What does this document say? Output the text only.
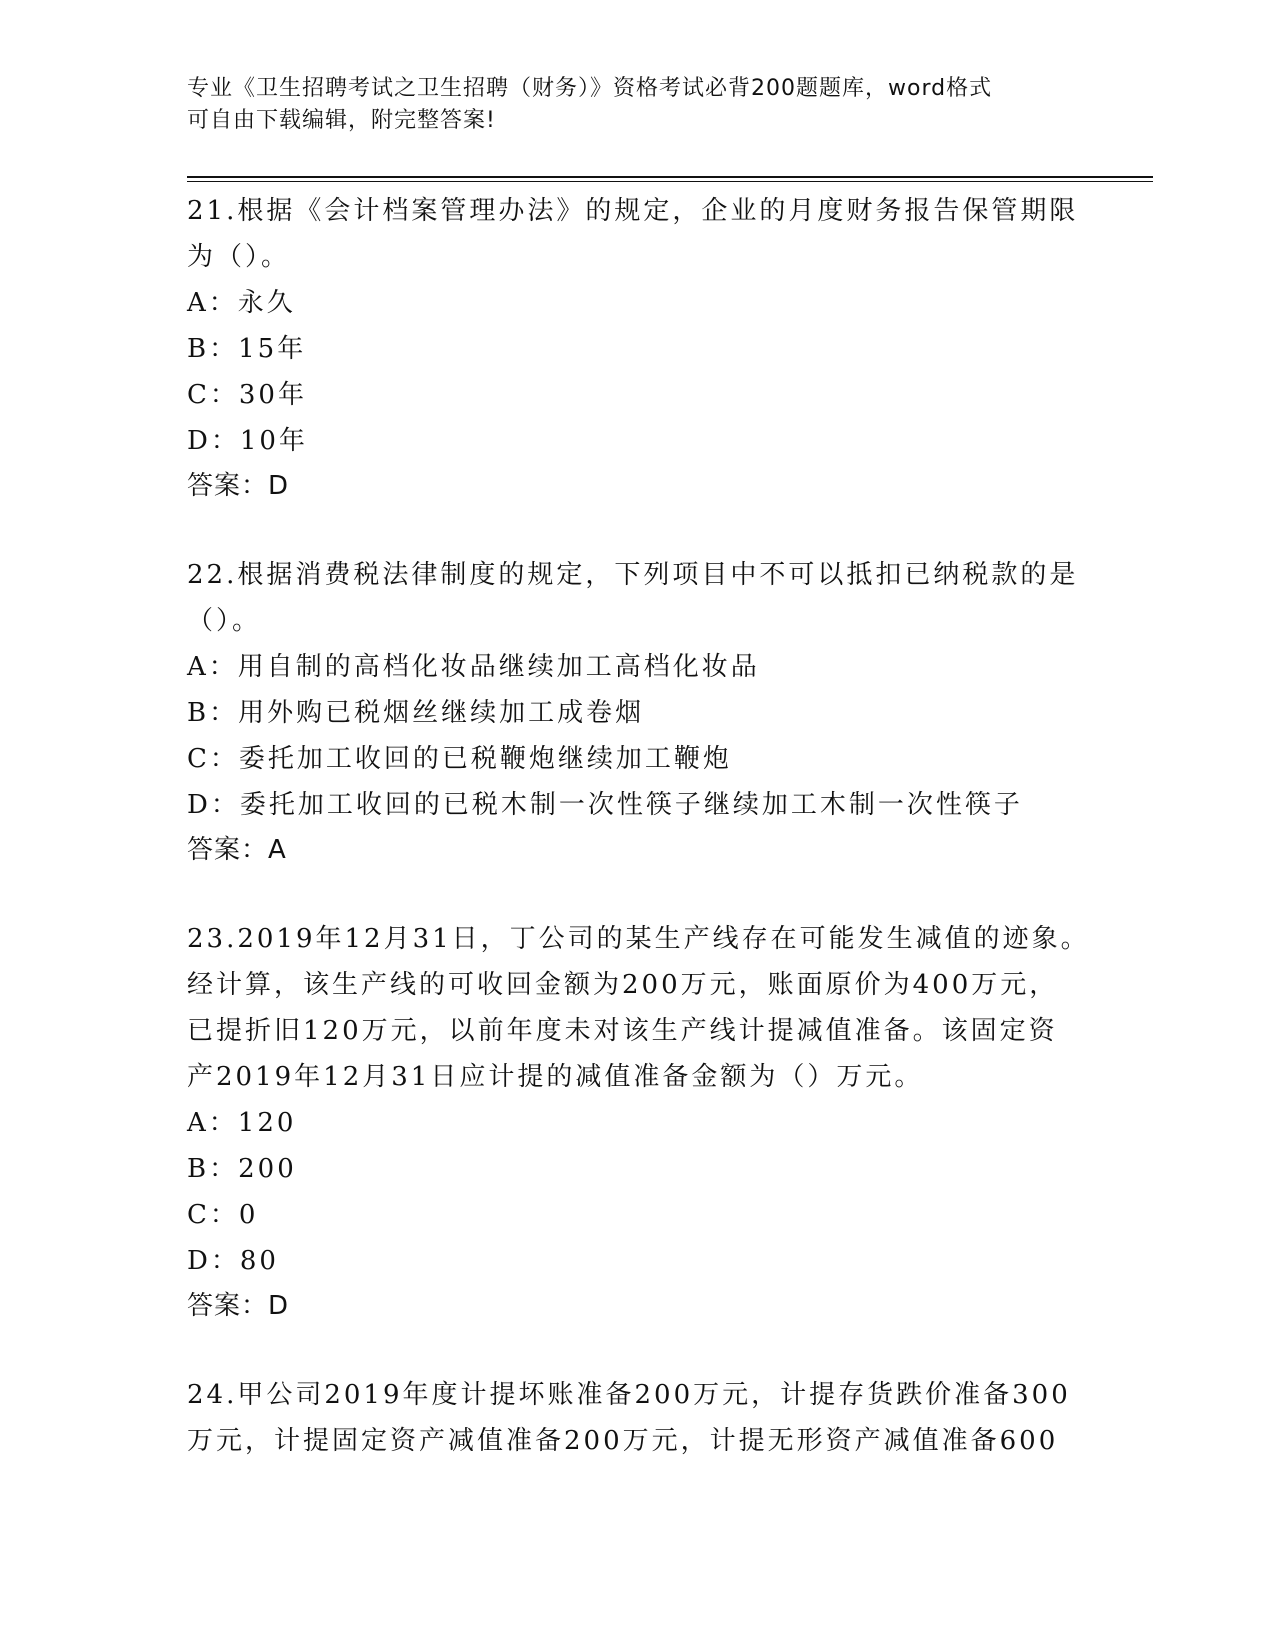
专业《卫生招聘考试之卫生招聘（财务）》资格考试必背200题题库，word格式
可自由下载编辑，附完整答案!
21.根据《会计档案管理办法》的规定，企业的月度财务报告保管期限
为（）。
A：永久
B：15年
C：30年
D：10年
答案：D
22.根据消费税法律制度的规定，下列项目中不可以抵扣已纳税款的是
（）。
A：用自制的高档化妆品继续加工高档化妆品
B：用外购已税烟丝继续加工成卷烟
C：委托加工收回的已税鞭炮继续加工鞭炮
D：委托加工收回的已税木制一次性筷子继续加工木制一次性筷子
答案：A
23.2019年12月31日，丁公司的某生产线存在可能发生减值的迹象。
经计算，该生产线的可收回金额为200万元，账面原价为400万元，
已提折旧120万元，以前年度未对该生产线计提减值准备。该固定资
产2019年12月31日应计提的减值准备金额为（）万元。
A：120
B：200
C：0
D：80
答案：D
24.甲公司2019年度计提坏账准备200万元，计提存货跌价准备300
万元，计提固定资产减值准备200万元，计提无形资产减值准备600
